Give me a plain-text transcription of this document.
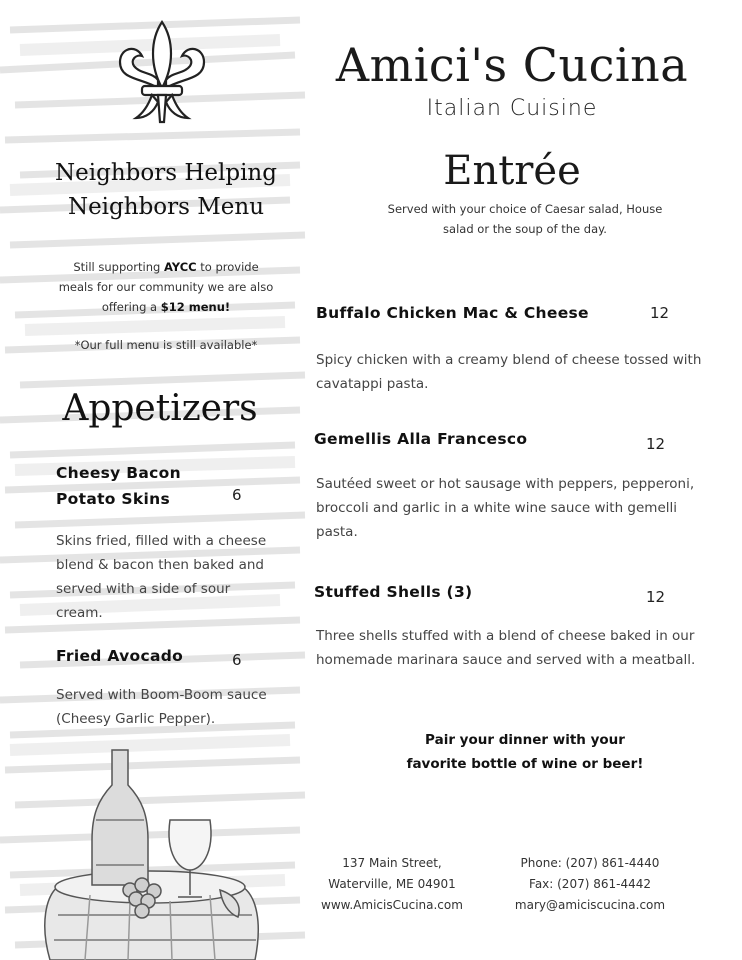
Neighbors Helping
Neighbors Menu
Still supporting AYCC to provide meals for our community we are also offering a $12 menu!
*Our full menu is still available*
Appetizers
Cheesy Bacon
Potato Skins	6
Skins fried, filled with a cheese
blend & bacon then baked and
served with a side of sour
cream.
Fried Avocado	6
Served with Boom-Boom sauce
(Cheesy Garlic Pepper).
Amici's Cucina
Italian Cuisine
Entrée
Served with your choice of Caesar salad, House
salad or the soup of the day.
Buffalo Chicken Mac & Cheese	12
Spicy chicken with a creamy blend of cheese tossed with
cavatappi pasta.
Gemellis Alla Francesco	12
Sautéed sweet or hot sausage with peppers, pepperoni,
broccoli and garlic in a white wine sauce with gemelli
pasta.
Stuffed Shells (3)	12
Three shells stuffed with a blend of cheese baked in our
homemade marinara sauce and served with a meatball.
Pair your dinner with your
favorite bottle of wine or beer!
137 Main Street,
Waterville, ME 04901
www.AmicisCucina.com
Phone: (207) 861-4440
Fax: (207) 861-4442
mary@amiciscucina.com
